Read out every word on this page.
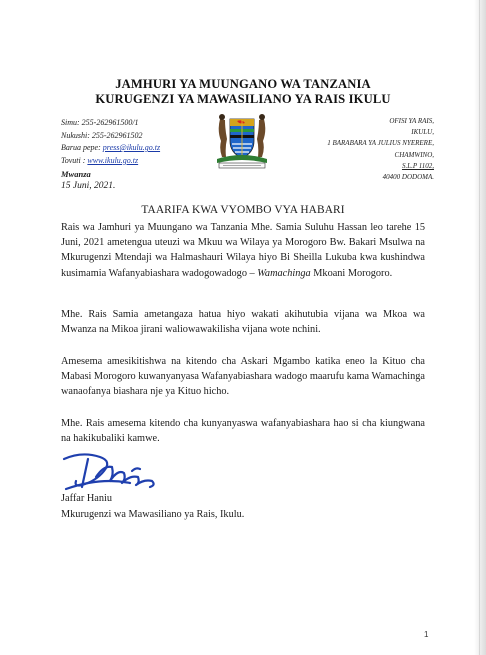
JAMHURI YA MUUNGANO WA TANZANIA
KURUGENZI YA MAWASILIANO YA RAIS IKULU
Simu: 255-262961500/1
Nukushi: 255-262961502
Barua pepe: press@ikulu.go.tz
Tovuti : www.ikulu.go.tz
OFISI YA RAIS,
IKULU,
1 BARABARA YA JULIUS NYERERE,
CHAMWINO,
S.L.P 1102,
40400 DODOMA.
Mwanza
15 Juni, 2021.
TAARIFA KWA VYOMBO VYA HABARI
Rais wa Jamhuri ya Muungano wa Tanzania Mhe. Samia Suluhu Hassan leo tarehe 15 Juni, 2021 ametengua uteuzi wa Mkuu wa Wilaya ya Morogoro Bw. Bakari Msulwa na Mkurugenzi Mtendaji wa Halmashauri Wilaya hiyo Bi Sheilla Lukuba kwa kushindwa kusimamia Wafanyabiashara wadogowadogo – Wamachinga Mkoani Morogoro.
Mhe. Rais Samia ametangaza hatua hiyo wakati akihutubia vijana wa Mkoa wa Mwanza na Mikoa jirani waliowawakilisha vijana wote nchini.
Amesema amesikitishwa na kitendo cha Askari Mgambo katika eneo la Kituo cha Mabasi Morogoro kuwanyanyasa Wafanyabiashara wadogo maarufu kama Wamachinga wanaofanya biashara nje ya Kituo hicho.
Mhe. Rais amesema kitendo cha kunyanyaswa wafanyabiashara hao si cha kiungwana na hakikubaliki kamwe.
Jaffar Haniu
Mkurugenzi wa Mawasiliano ya Rais, Ikulu.
1
